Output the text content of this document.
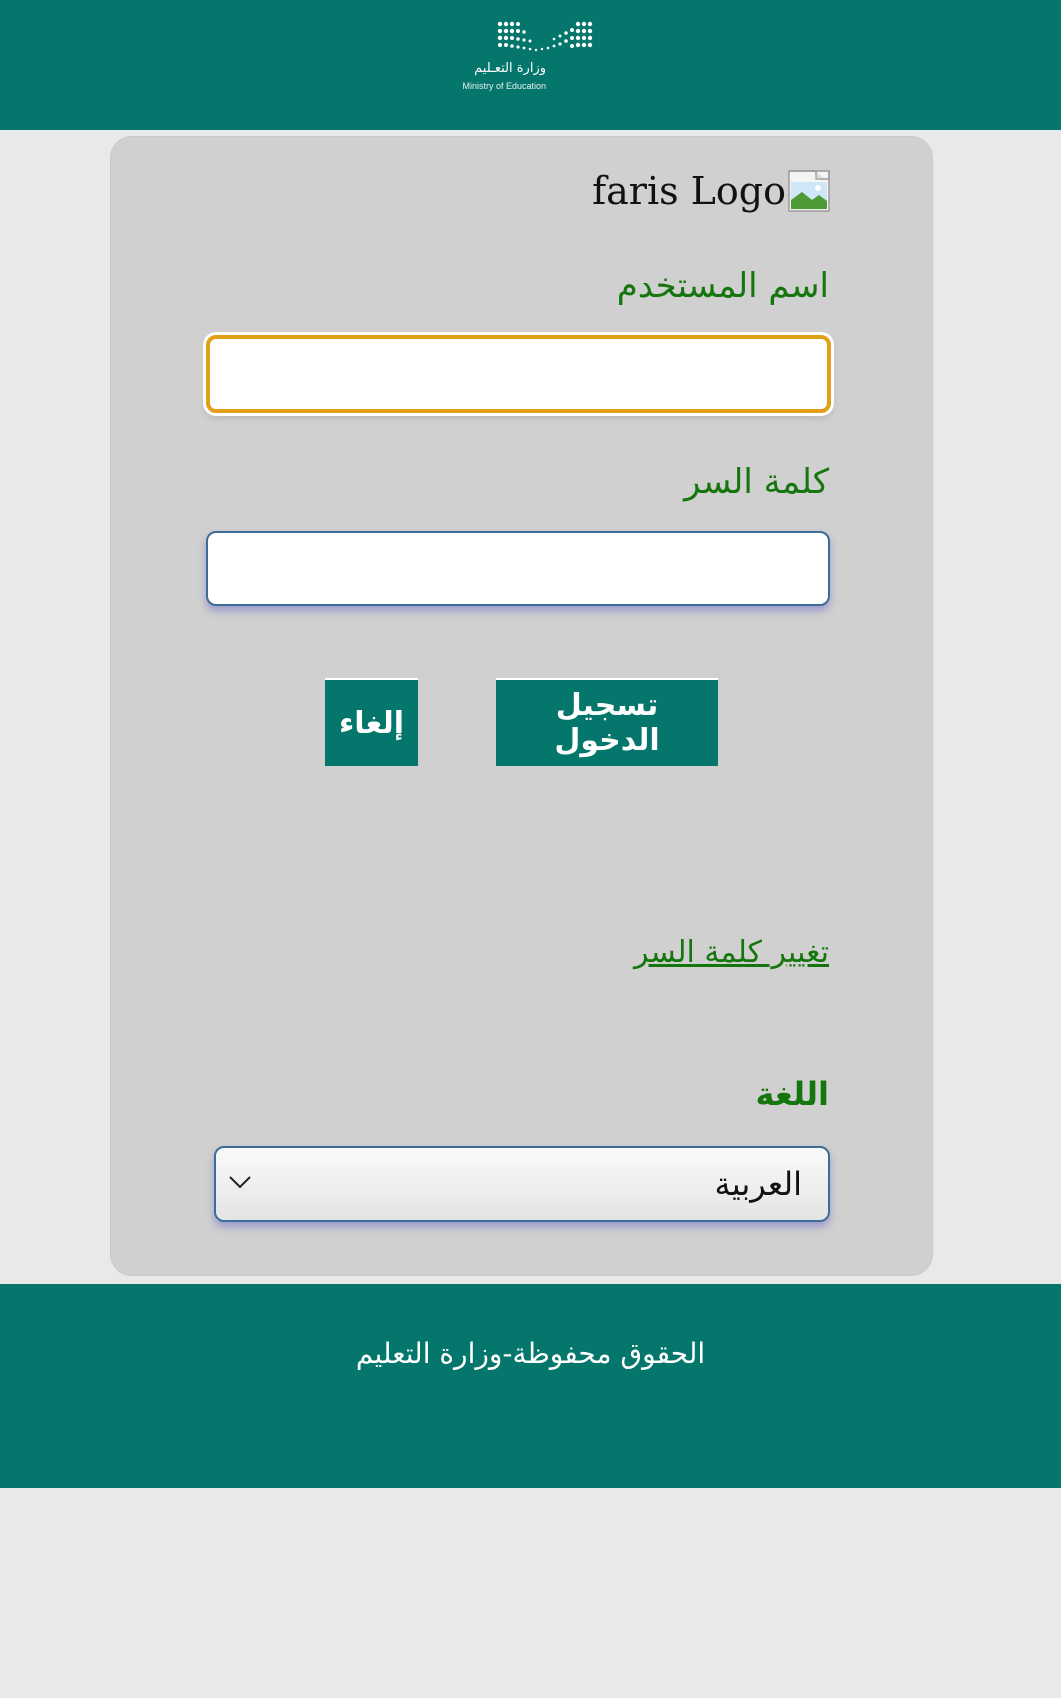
وزارة التعـليم
Ministry of Education
faris Logo
اسم المستخدم
كلمة السر
تسجيل الدخول
إلغاء
تغيير كلمة السر
اللغة
العربية
الحقوق محفوظة-وزارة التعليم
